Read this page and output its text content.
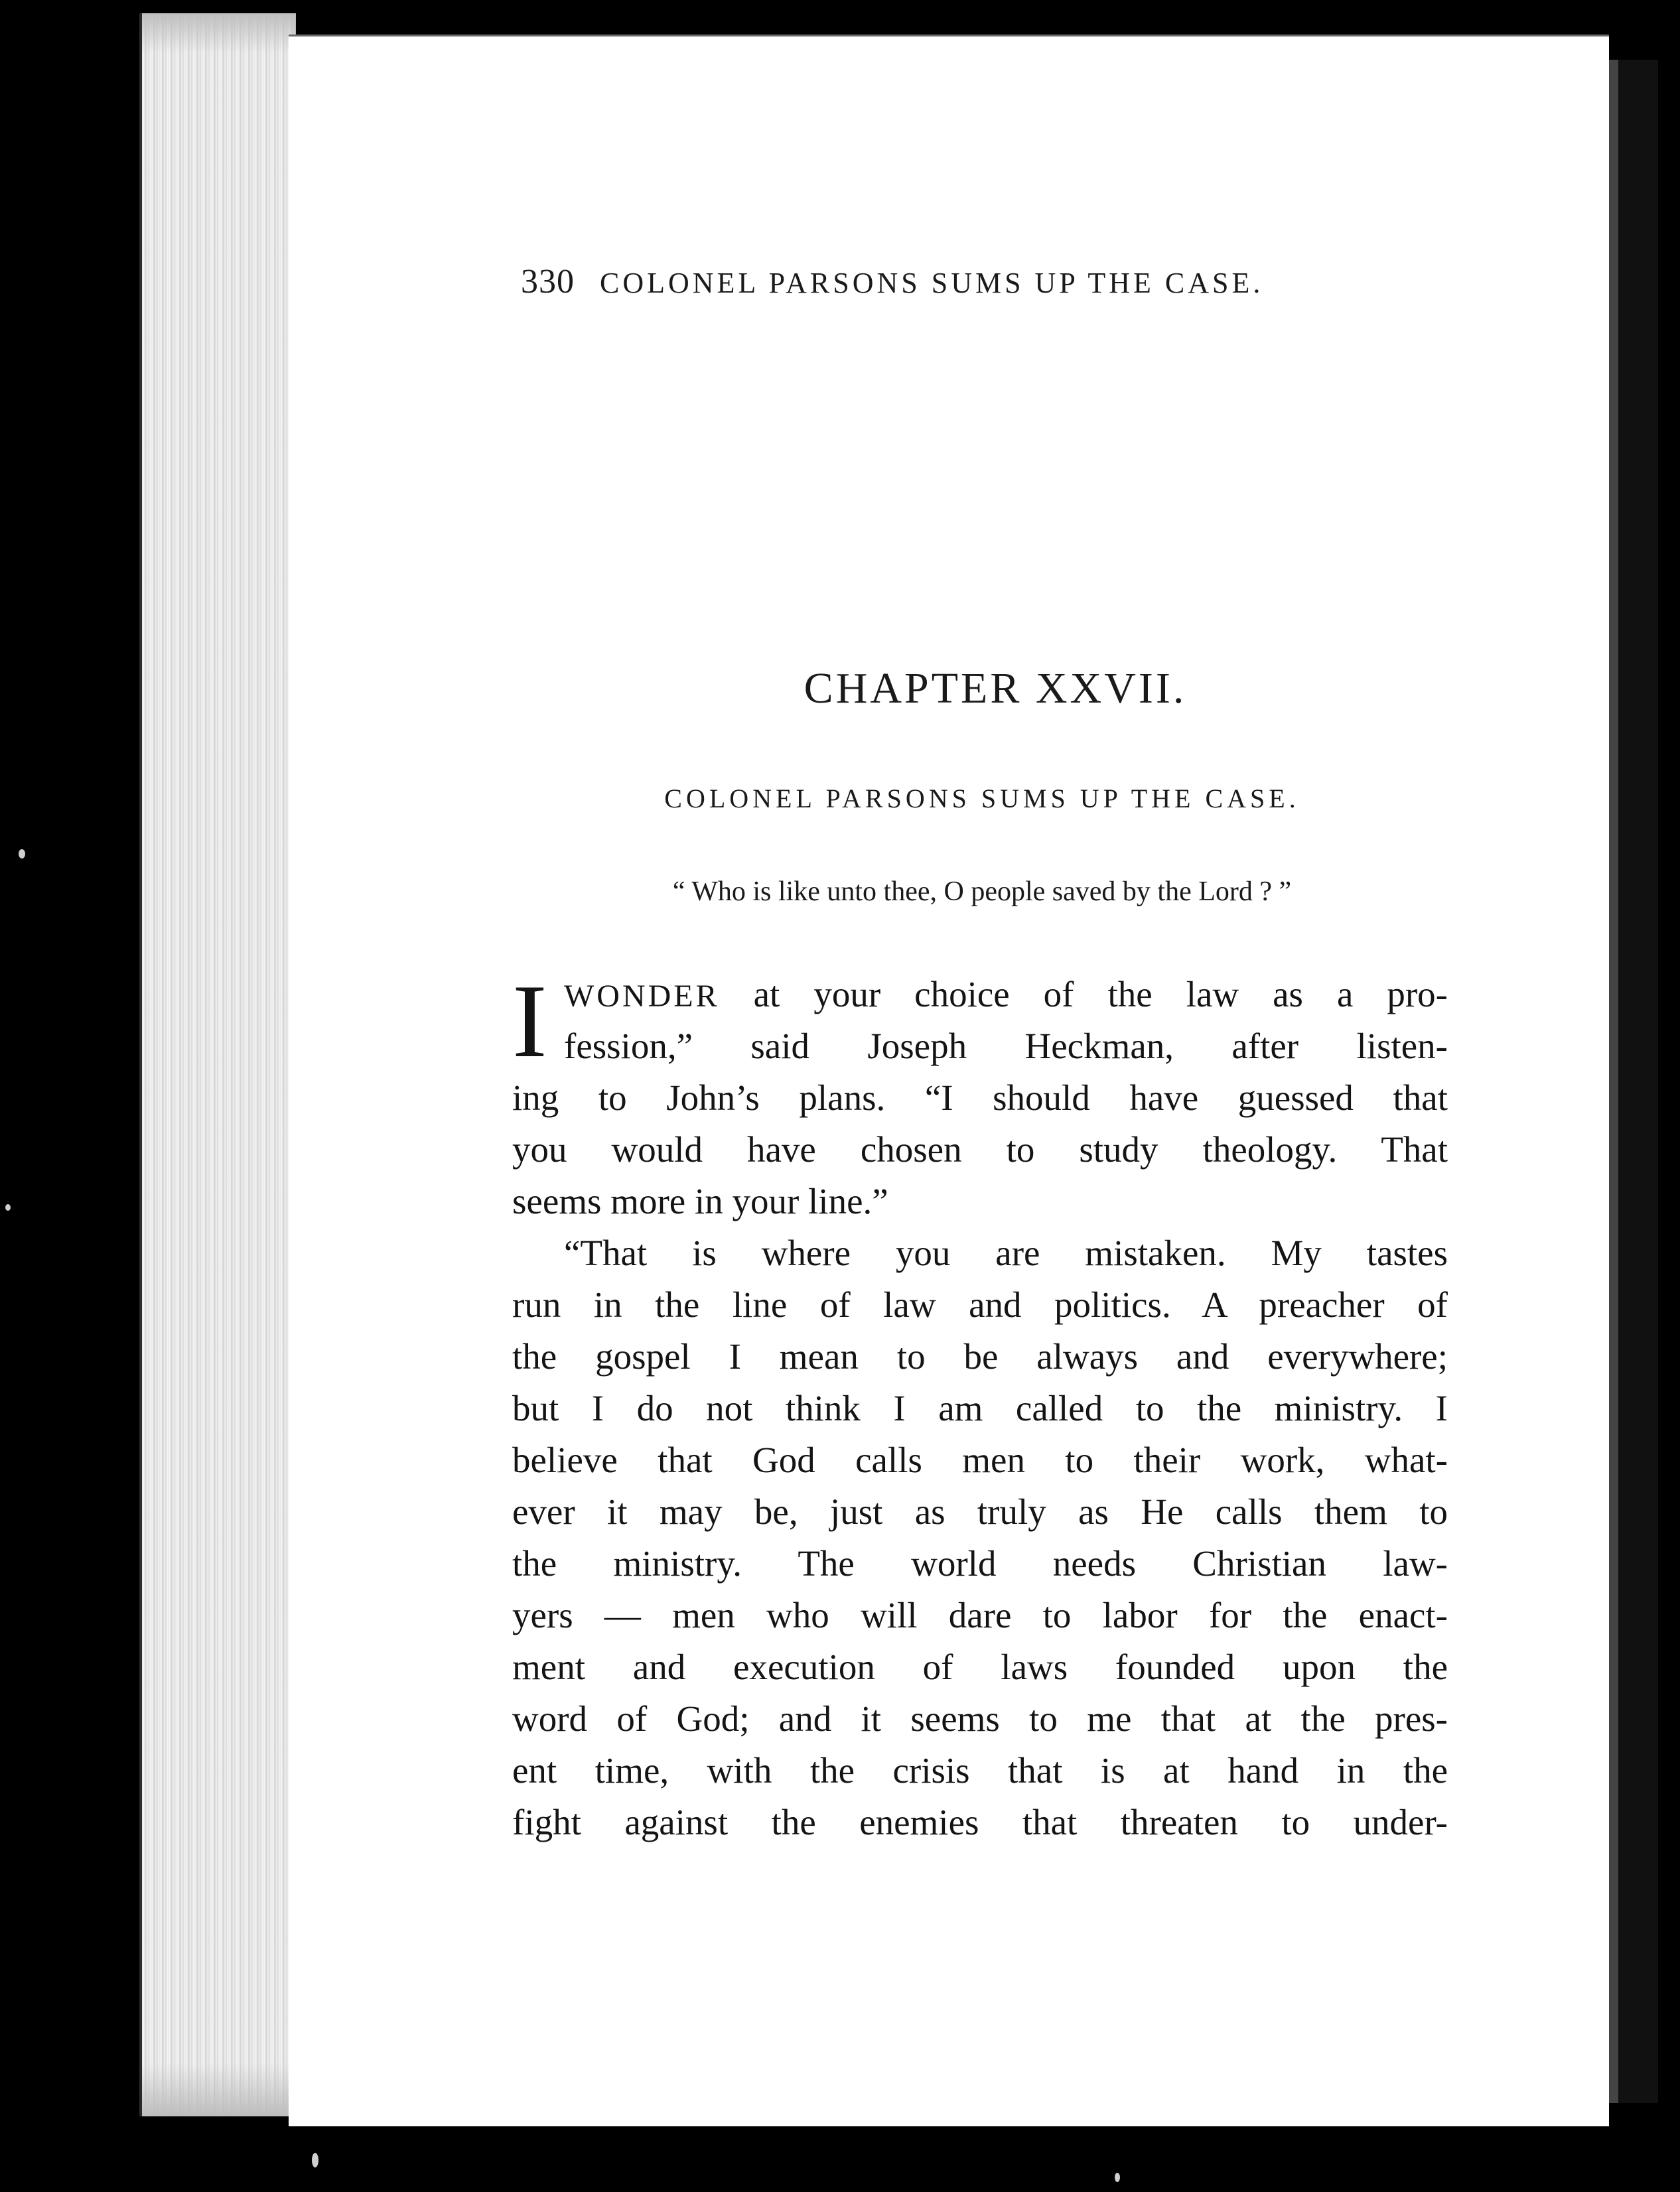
330 COLONEL PARSONS SUMS UP THE CASE.
CHAPTER XXVII.
COLONEL PARSONS SUMS UP THE CASE.
“ Who is like unto thee, O people saved by the Lord ? ”
I WONDER at your choice of the law as a pro-
fession,” said Joseph Heckman, after listen-
ing to John’s plans. “I should have guessed that
you would have chosen to study theology. That
seems more in your line.”
“That is where you are mistaken. My tastes
run in the line of law and politics. A preacher of
the gospel I mean to be always and everywhere;
but I do not think I am called to the ministry. I
believe that God calls men to their work, what-
ever it may be, just as truly as He calls them to
the ministry. The world needs Christian law-
yers — men who will dare to labor for the enact-
ment and execution of laws founded upon the
word of God; and it seems to me that at the pres-
ent time, with the crisis that is at hand in the
fight against the enemies that threaten to under-
